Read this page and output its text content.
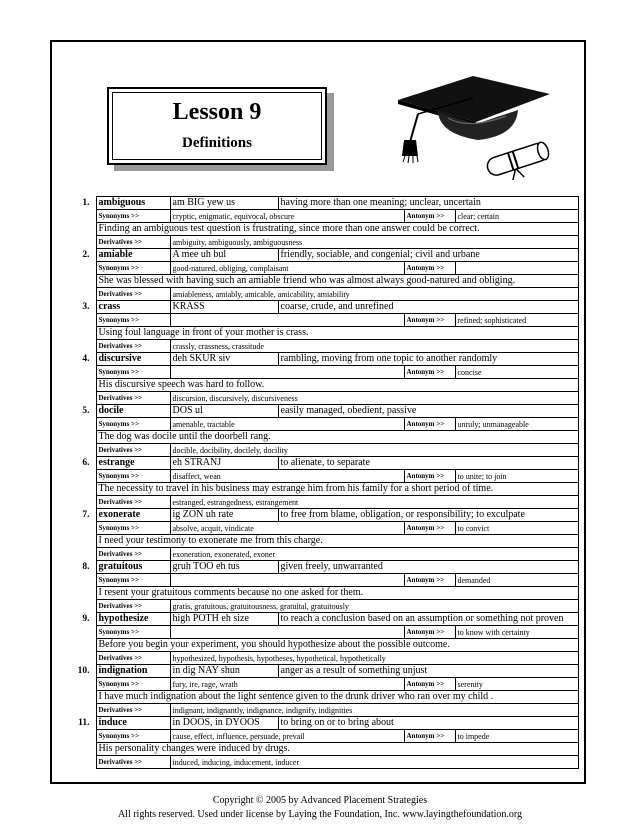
Lesson 9
Definitions
1.	ambiguous	am BIG yew us	having more than one meaning; unclear, uncertain		
	Synonyms >>	cryptic, enigmatic, equivocal, obscure		Antonym >>	clear; certain
	Finding an ambiguous test question is frustrating, since more than one answer could be correct.				
	Derivatives >>	ambiguity, ambiguously, ambiguousness			
2.	amiable	A mee uh bul	friendly, sociable, and congenial; civil and urbane		
	Synonyms >>	good-natured, obliging, complaisant		Antonym >>	
	She was blessed with having such an amiable friend who was almost always good-natured and obliging.				
	Derivatives >>	amiableness, amiably, amicable, amicability, amiability			
3.	crass	KRASS	coarse, crude, and unrefined		
	Synonyms >>			Antonym >>	refined; sophisticated
	Using foul language in front of your mother is crass.				
	Derivatives >>	crassly, crassness, crassitude			
4.	discursive	deh SKUR siv	rambling, moving from one topic to another randomly		
	Synonyms >>			Antonym >>	concise
	His discursive speech was hard to follow.				
	Derivatives >>	discursion, discursively, discursiveness			
5.	docile	DOS ul	easily managed, obedient, passive		
	Synonyms >>	amenable, tractable		Antonym >>	unruly; unmanageable
	The dog was docile until the doorbell rang.				
	Derivatives >>	docible, docibility, docilely, docility			
6.	estrange	eh STRANJ	to alienate, to separate		
	Synonyms >>	disaffect, wean		Antonym >>	to unite; to join
	The necessity to travel in his business may estrange him from his family for a short period of time.				
	Derivatives >>	estranged, estrangedness, estrangement			
7.	exonerate	ig ZON uh rate	to free from blame, obligation, or responsibility; to exculpate		
	Synonyms >>	absolve, acquit, vindicate		Antonym >>	to convict
	I need your testimony to exonerate me from this charge.				
	Derivatives >>	exoneration, exonerated, exoner			
8.	gratuitous	gruh TOO eh tus	given freely, unwarranted		
	Synonyms >>			Antonym >>	demanded
	I resent your gratuitous comments because no one asked for them.				
	Derivatives >>	gratis, gratuitous, gratuitousness, gratuital, gratuitously			
9.	hypothesize	high POTH eh size	to reach a conclusion based on an assumption or something not proven		
	Synonyms >>			Antonym >>	to know with certainty
	Before you begin your experiment, you should hypothesize about the possible outcome.				
	Derivatives >>	hypothesized, hypothesis, hypotheses, hypothetical, hypothetically			
10.	indignation	in dig NAY shun	anger as a result of something unjust		
	Synonyms >>	fury, ire, rage, wrath		Antonym >>	serenity
	I have much indignation about the light sentence given to the drunk driver who ran over my child .				
	Derivatives >>	indignant, indignantly, indignance, indignify, indignities			
11.	induce	in DOOS, in DYOOS	to bring on or to bring about		
	Synonyms >>	cause, effect, influence, persuade, prevail		Antonym >>	to impede
	His personality changes were induced by drugs.				
	Derivatives >>	induced, inducing, inducement, inducer			
Copyright © 2005 by Advanced Placement Strategies
All rights reserved. Used under license by Laying the Foundation, Inc. www.layingthefoundation.org
